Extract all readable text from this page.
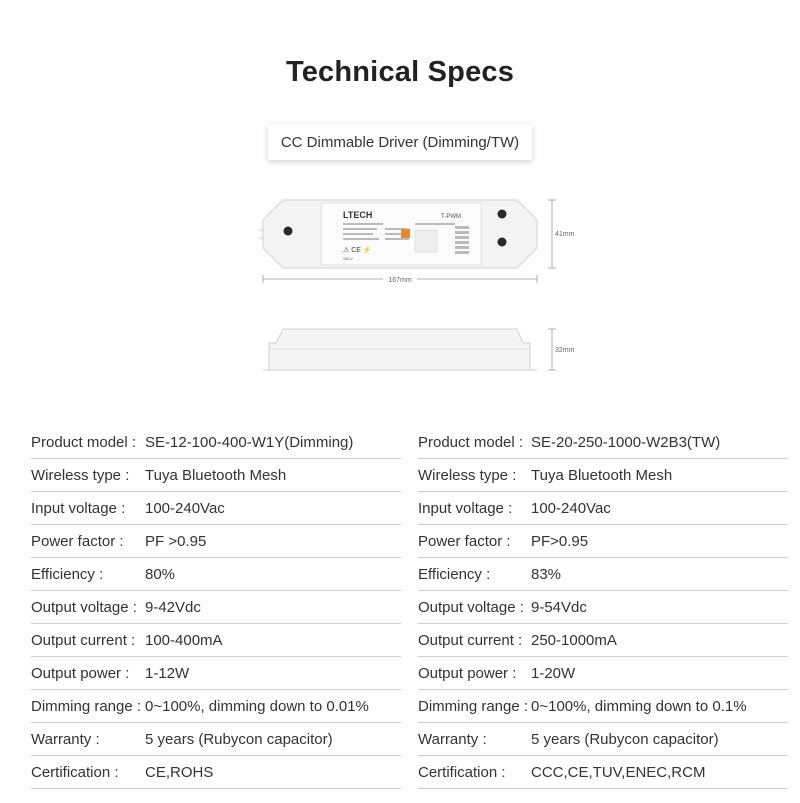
Technical Specs
CC Dimmable Driver (Dimming/TW)
LTECH	T-PWM
⚠ CE ⚡
SELV
41mm
167mm
32mm
Product model : SE-12-100-400-W1Y(Dimming)
Wireless type : Tuya Bluetooth Mesh
Input voltage : 100-240Vac
Power factor : PF >0.95
Efficiency :	80%
Output voltage : 9-42Vdc
Output current : 100-400mA
Output power : 1-12W
Dimming range : 0~100%, dimming down to 0.01%
Warranty :	5 years (Rubycon capacitor)
Certification : CE,ROHS
Product model : SE-20-250-1000-W2B3(TW)
Wireless type : Tuya Bluetooth Mesh
Input voltage : 100-240Vac
Power factor : PF>0.95
Efficiency :	83%
Output voltage : 9-54Vdc
Output current : 250-1000mA
Output power : 1-20W
Dimming range : 0~100%, dimming down to 0.1%
Warranty :	5 years (Rubycon capacitor)
Certification : CCC,CE,TUV,ENEC,RCM
